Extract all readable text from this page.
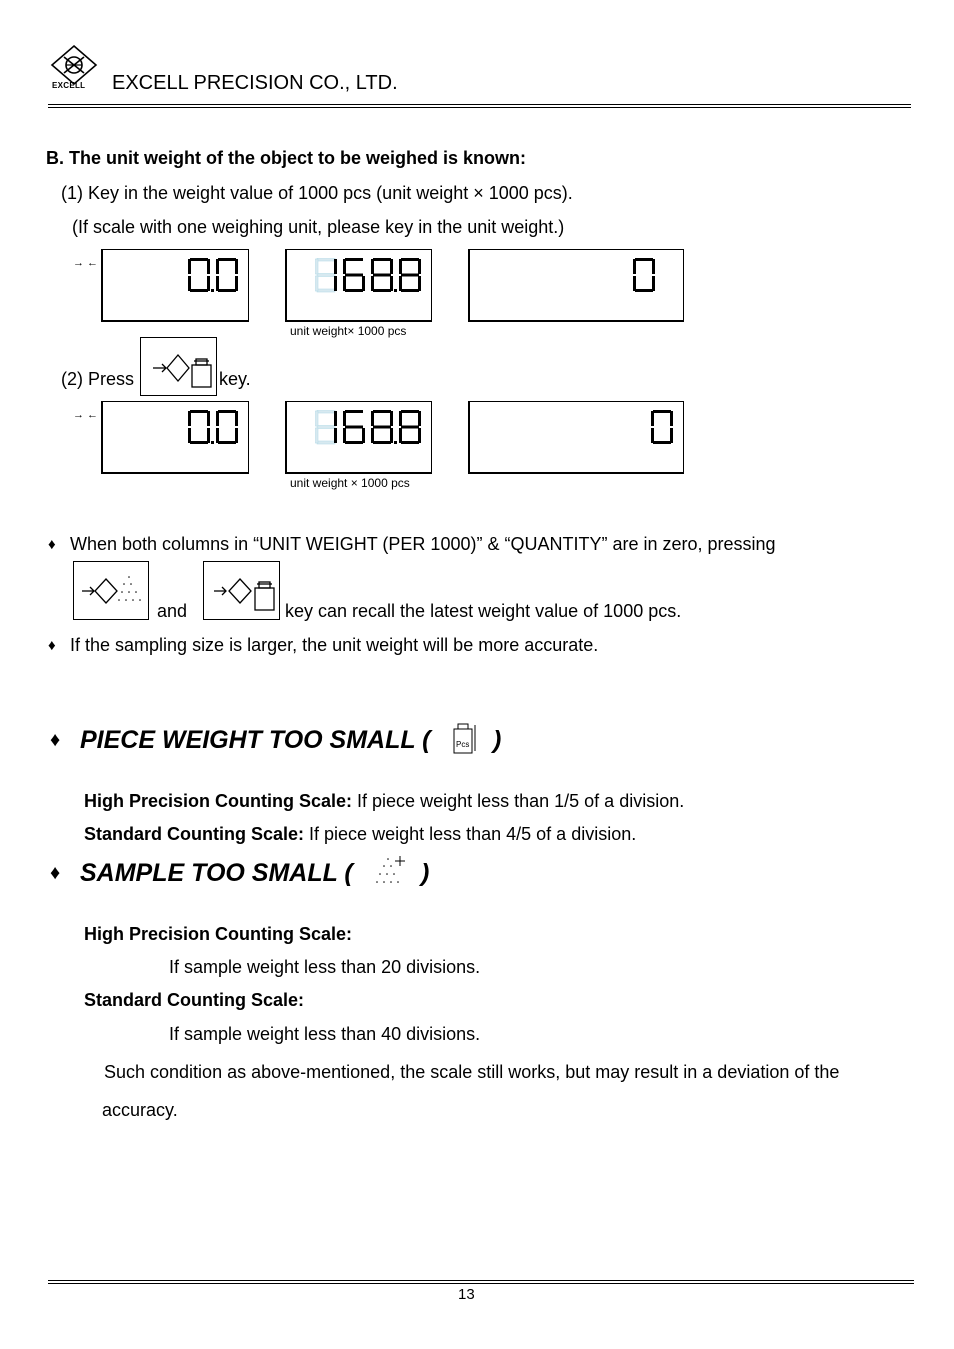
EXCELL EXCELL PRECISION CO., LTD.
B. The unit weight of the object to be weighed is known:
(1) Key in the weight value of 1000 pcs (unit weight × 1000 pcs).
(If scale with one weighing unit, please key in the unit weight.)
→ ←
unit weight× 1000 pcs
(2) Press	key.
→ ←
unit weight × 1000 pcs
♦ When both columns in “UNIT WEIGHT (PER 1000)” & “QUANTITY” are in zero, pressing
and	key can recall the latest weight value of 1000 pcs.
♦ If the sampling size is larger, the unit weight will be more accurate.
♦ PIECE WEIGHT TOO SMALL (	Pcs )
High Precision Counting Scale: If piece weight less than 1/5 of a division.
Standard Counting Scale: If piece weight less than 4/5 of a division.
♦ SAMPLE TOO SMALL (	)
High Precision Counting Scale:
If sample weight less than 20 divisions.
Standard Counting Scale:
If sample weight less than 40 divisions.
Such condition as above-mentioned, the scale still works, but may result in a deviation of the
accuracy.
13
